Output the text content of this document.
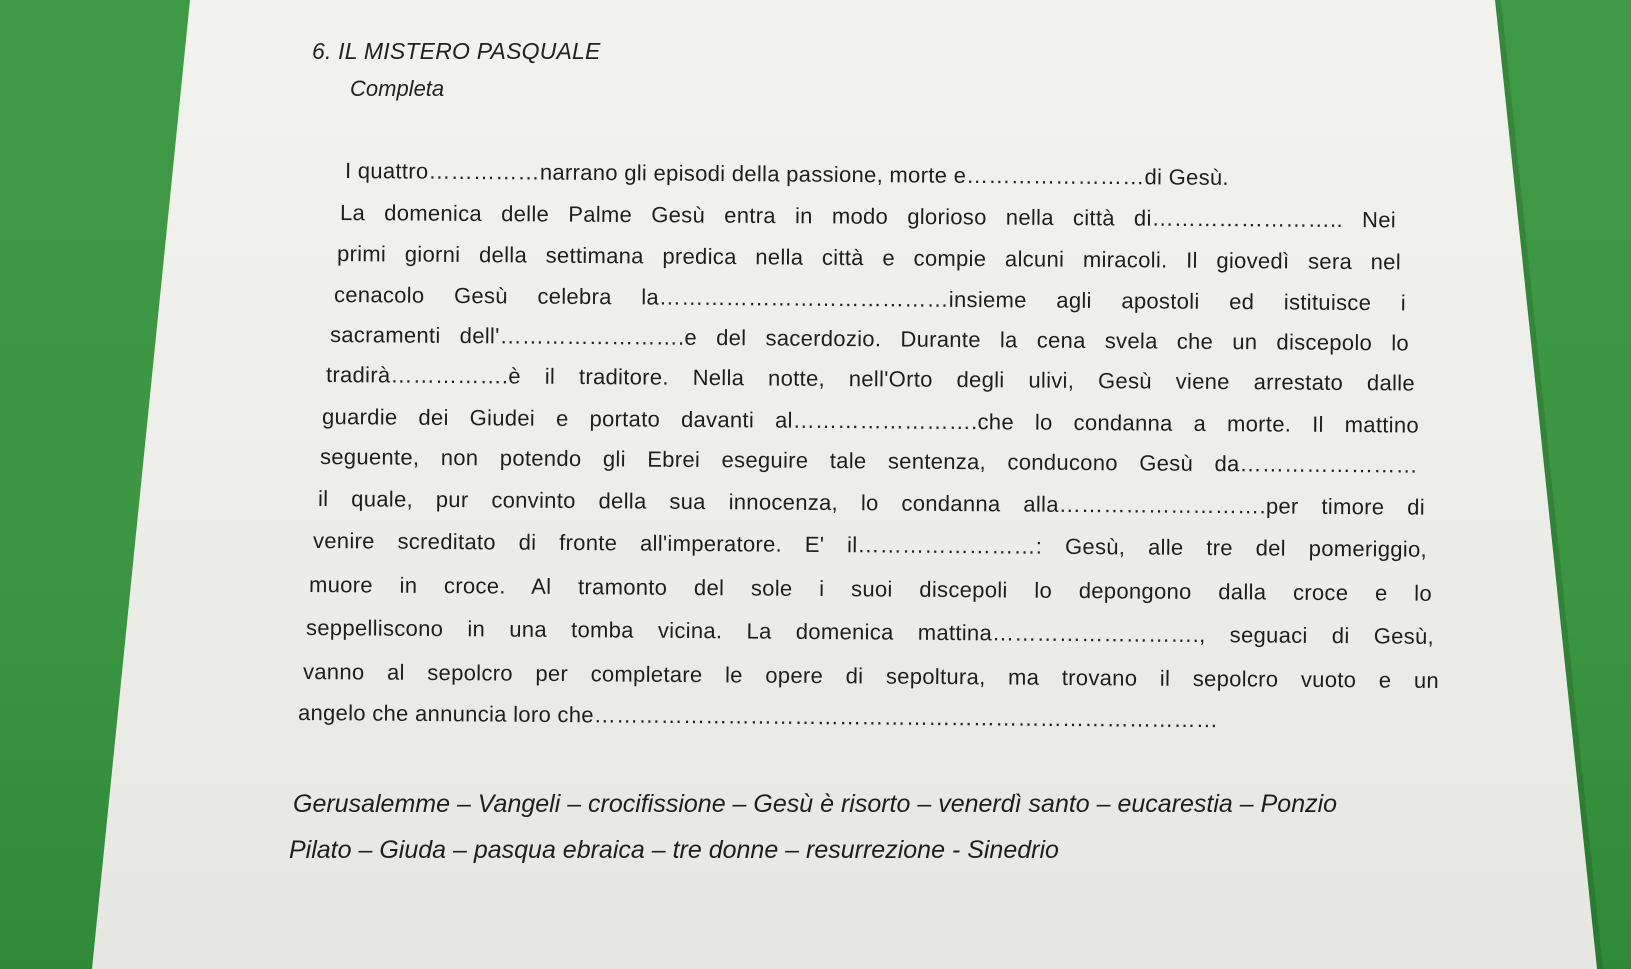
6. IL MISTERO PASQUALE
Completa
I quattro……………narrano gli episodi della passione, morte e……………………di Gesù.
La domenica delle Palme Gesù entra in modo glorioso nella città di…………………….. Nei
primi giorni della settimana predica nella città e compie alcuni miracoli. Il giovedì sera nel
cenacolo Gesù celebra la…………………………………insieme agli apostoli ed istituisce i
sacramenti dell'…………………….e del sacerdozio. Durante la cena svela che un discepolo lo
tradirà…………….è il traditore. Nella notte, nell'Orto degli ulivi, Gesù viene arrestato dalle
guardie dei Giudei e portato davanti al…………………….che lo condanna a morte. Il mattino
seguente, non potendo gli Ebrei eseguire tale sentenza, conducono Gesù da……………………
il quale, pur convinto della sua innocenza, lo condanna alla……………………….per timore di
venire screditato di fronte all'imperatore. E' il……………………: Gesù, alle tre del pomeriggio,
muore in croce. Al tramonto del sole i suoi discepoli lo depongono dalla croce e lo
seppelliscono in una tomba vicina. La domenica mattina………………………., seguaci di Gesù,
vanno al sepolcro per completare le opere di sepoltura, ma trovano il sepolcro vuoto e un
angelo che annuncia loro che…………………………………………………………………………
Gerusalemme – Vangeli – crocifissione – Gesù è risorto – venerdì santo – eucarestia – Ponzio
Pilato – Giuda – pasqua ebraica – tre donne – resurrezione - Sinedrio
